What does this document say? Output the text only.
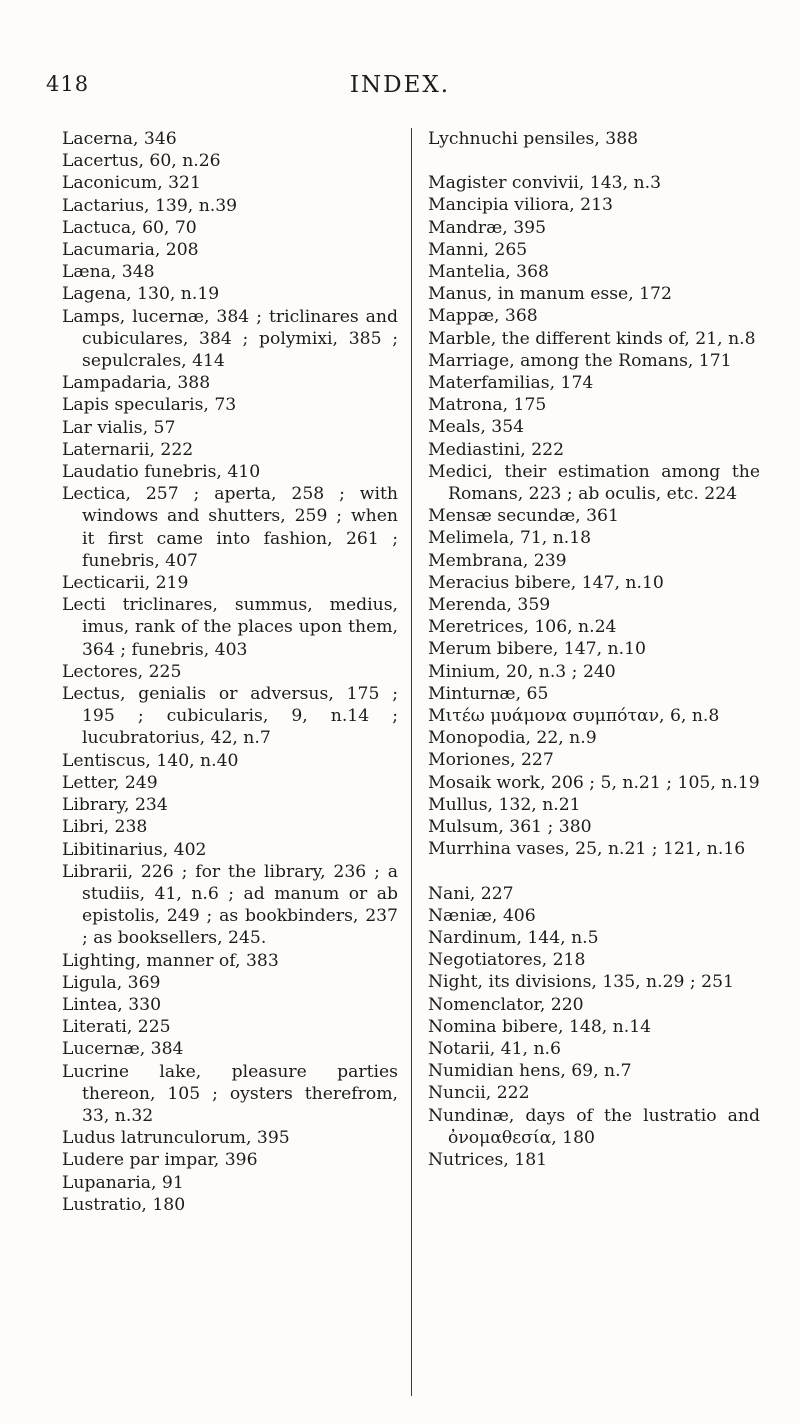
418	INDEX.
Lacerna, 346
Lacertus, 60, n.26
Laconicum, 321
Lactarius, 139, n.39
Lactuca, 60, 70
Lacumaria, 208
Læna, 348
Lagena, 130, n.19
Lamps, lucernæ, 384 ; triclinares and cubiculares, 384 ; polymixi, 385 ; sepulcrales, 414
Lampadaria, 388
Lapis specularis, 73
Lar vialis, 57
Laternarii, 222
Laudatio funebris, 410
Lectica, 257 ; aperta, 258 ; with windows and shutters, 259 ; when it first came into fashion, 261 ; funebris, 407
Lecticarii, 219
Lecti triclinares, summus, medius, imus, rank of the places upon them, 364 ; funebris, 403
Lectores, 225
Lectus, genialis or adversus, 175 ; 195 ; cubicularis, 9, n.14 ; lucubratorius, 42, n.7
Lentiscus, 140, n.40
Letter, 249
Library, 234
Libri, 238
Libitinarius, 402
Librarii, 226 ; for the library, 236 ; a studiis, 41, n.6 ; ad manum or ab epistolis, 249 ; as bookbinders, 237 ; as booksellers, 245.
Lighting, manner of, 383
Ligula, 369
Lintea, 330
Literati, 225
Lucernæ, 384
Lucrine lake, pleasure parties thereon, 105 ; oysters therefrom, 33, n.32
Ludus latrunculorum, 395
Ludere par impar, 396
Lupanaria, 91
Lustratio, 180
Lychnuchi pensiles, 388
Magister convivii, 143, n.3
Mancipia viliora, 213
Mandræ, 395
Manni, 265
Mantelia, 368
Manus, in manum esse, 172
Mappæ, 368
Marble, the different kinds of, 21, n.8
Marriage, among the Romans, 171
Materfamilias, 174
Matrona, 175
Meals, 354
Mediastini, 222
Medici, their estimation among the Romans, 223 ; ab oculis, etc. 224
Mensæ secundæ, 361
Melimela, 71, n.18
Membrana, 239
Meracius bibere, 147, n.10
Merenda, 359
Meretrices, 106, n.24
Merum bibere, 147, n.10
Minium, 20, n.3 ; 240
Minturnæ, 65
Μιτέω μυάμονα συμπόταν, 6, n.8
Monopodia, 22, n.9
Moriones, 227
Mosaik work, 206 ; 5, n.21 ; 105, n.19
Mullus, 132, n.21
Mulsum, 361 ; 380
Murrhina vases, 25, n.21 ; 121, n.16
Nani, 227
Næniæ, 406
Nardinum, 144, n.5
Negotiatores, 218
Night, its divisions, 135, n.29 ; 251
Nomenclator, 220
Nomina bibere, 148, n.14
Notarii, 41, n.6
Numidian hens, 69, n.7
Nuncii, 222
Nundinæ, days of the lustratio and ὀνομαθεσία, 180
Nutrices, 181
